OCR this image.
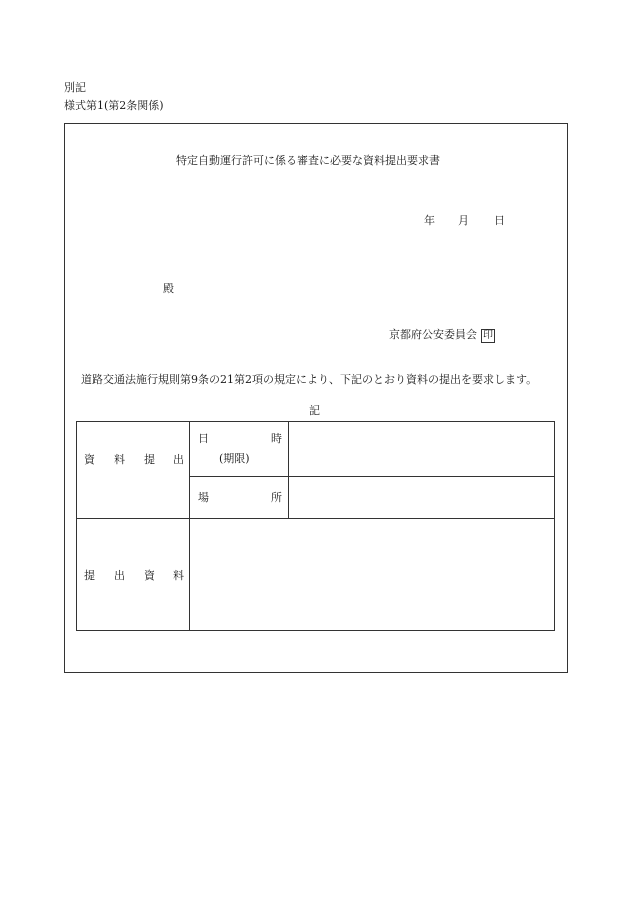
別記
様式第1(第2条関係)
特定自動運行許可に係る審査に必要な資料提出要求書
年 月 日
殿
京都府公安委員会 印
道路交通法施行規則第9条の21第2項の規定により、下記のとおり資料の提出を要求します。
記
資 料 提 出
日	時
(期限)
場	所
提 出 資 料
